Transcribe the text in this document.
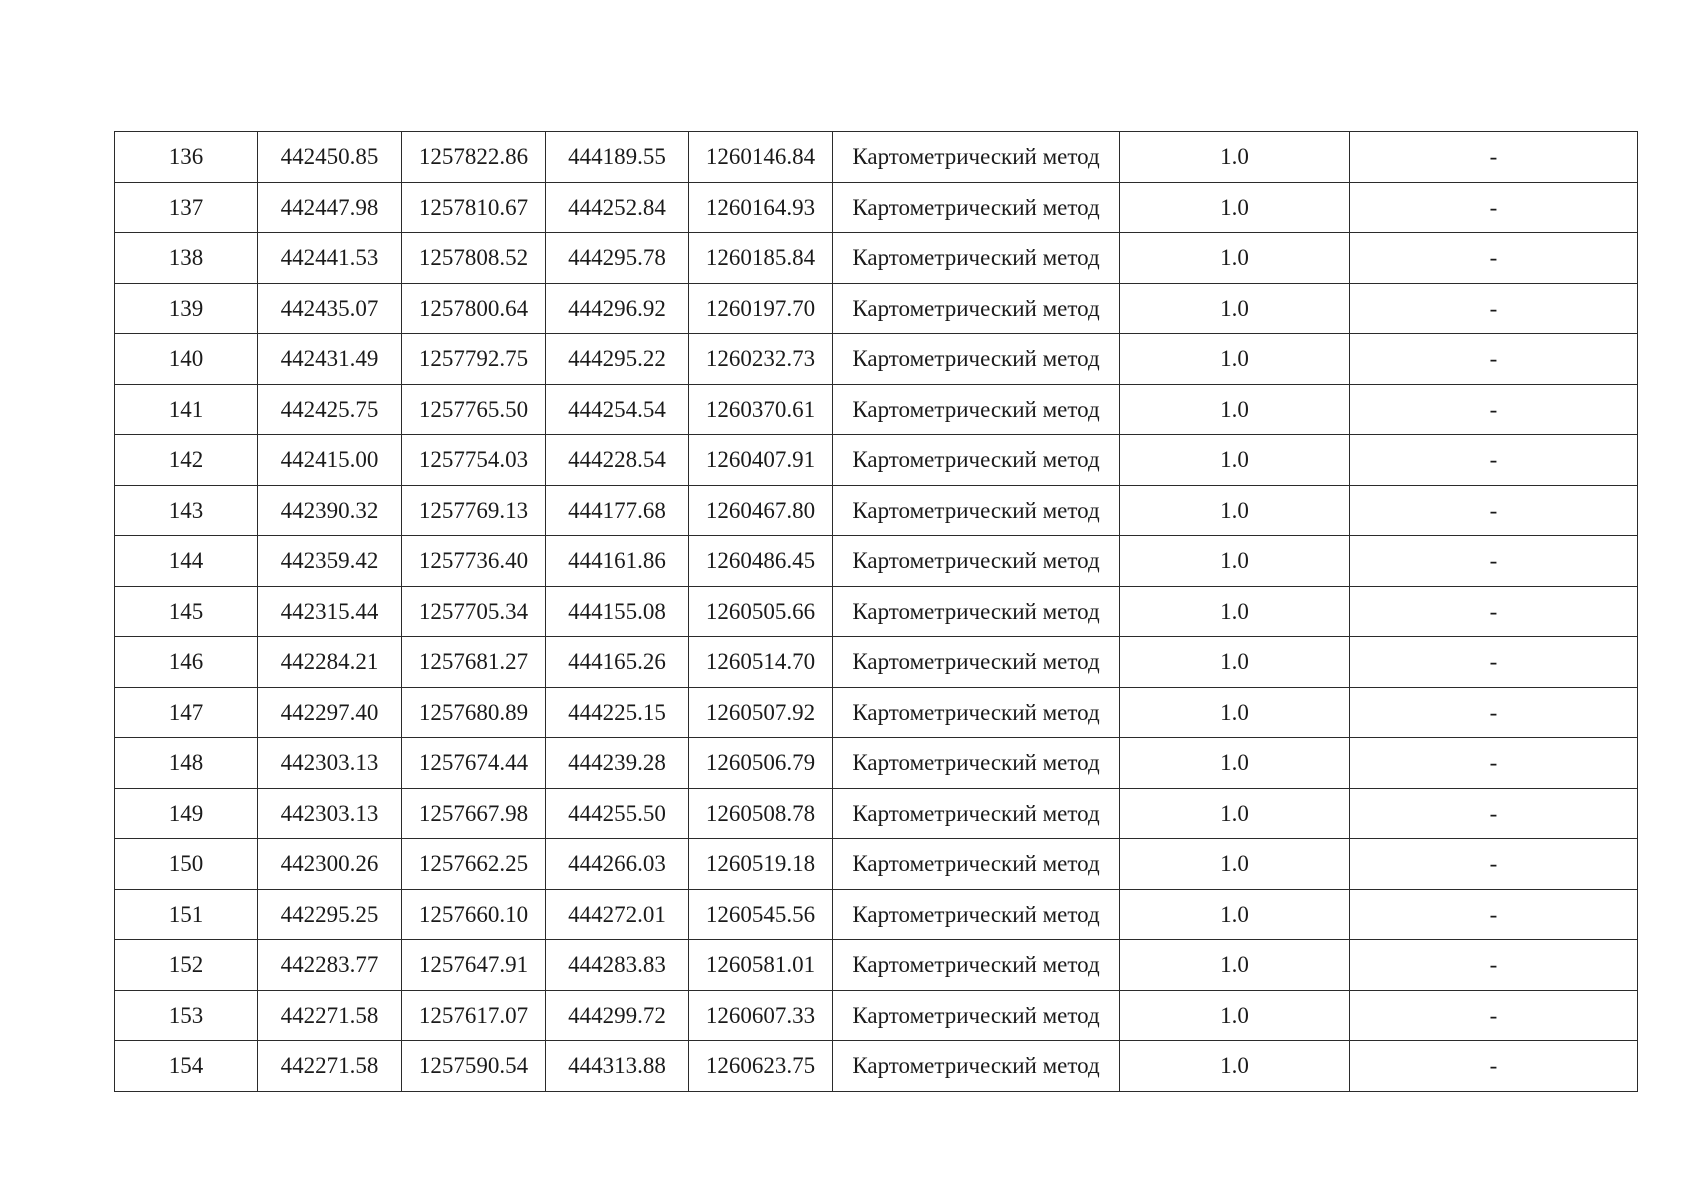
136	442450.85	1257822.86	444189.55	1260146.84	Картометрический метод	1.0	-
137	442447.98	1257810.67	444252.84	1260164.93	Картометрический метод	1.0	-
138	442441.53	1257808.52	444295.78	1260185.84	Картометрический метод	1.0	-
139	442435.07	1257800.64	444296.92	1260197.70	Картометрический метод	1.0	-
140	442431.49	1257792.75	444295.22	1260232.73	Картометрический метод	1.0	-
141	442425.75	1257765.50	444254.54	1260370.61	Картометрический метод	1.0	-
142	442415.00	1257754.03	444228.54	1260407.91	Картометрический метод	1.0	-
143	442390.32	1257769.13	444177.68	1260467.80	Картометрический метод	1.0	-
144	442359.42	1257736.40	444161.86	1260486.45	Картометрический метод	1.0	-
145	442315.44	1257705.34	444155.08	1260505.66	Картометрический метод	1.0	-
146	442284.21	1257681.27	444165.26	1260514.70	Картометрический метод	1.0	-
147	442297.40	1257680.89	444225.15	1260507.92	Картометрический метод	1.0	-
148	442303.13	1257674.44	444239.28	1260506.79	Картометрический метод	1.0	-
149	442303.13	1257667.98	444255.50	1260508.78	Картометрический метод	1.0	-
150	442300.26	1257662.25	444266.03	1260519.18	Картометрический метод	1.0	-
151	442295.25	1257660.10	444272.01	1260545.56	Картометрический метод	1.0	-
152	442283.77	1257647.91	444283.83	1260581.01	Картометрический метод	1.0	-
153	442271.58	1257617.07	444299.72	1260607.33	Картометрический метод	1.0	-
154	442271.58	1257590.54	444313.88	1260623.75	Картометрический метод	1.0	-
